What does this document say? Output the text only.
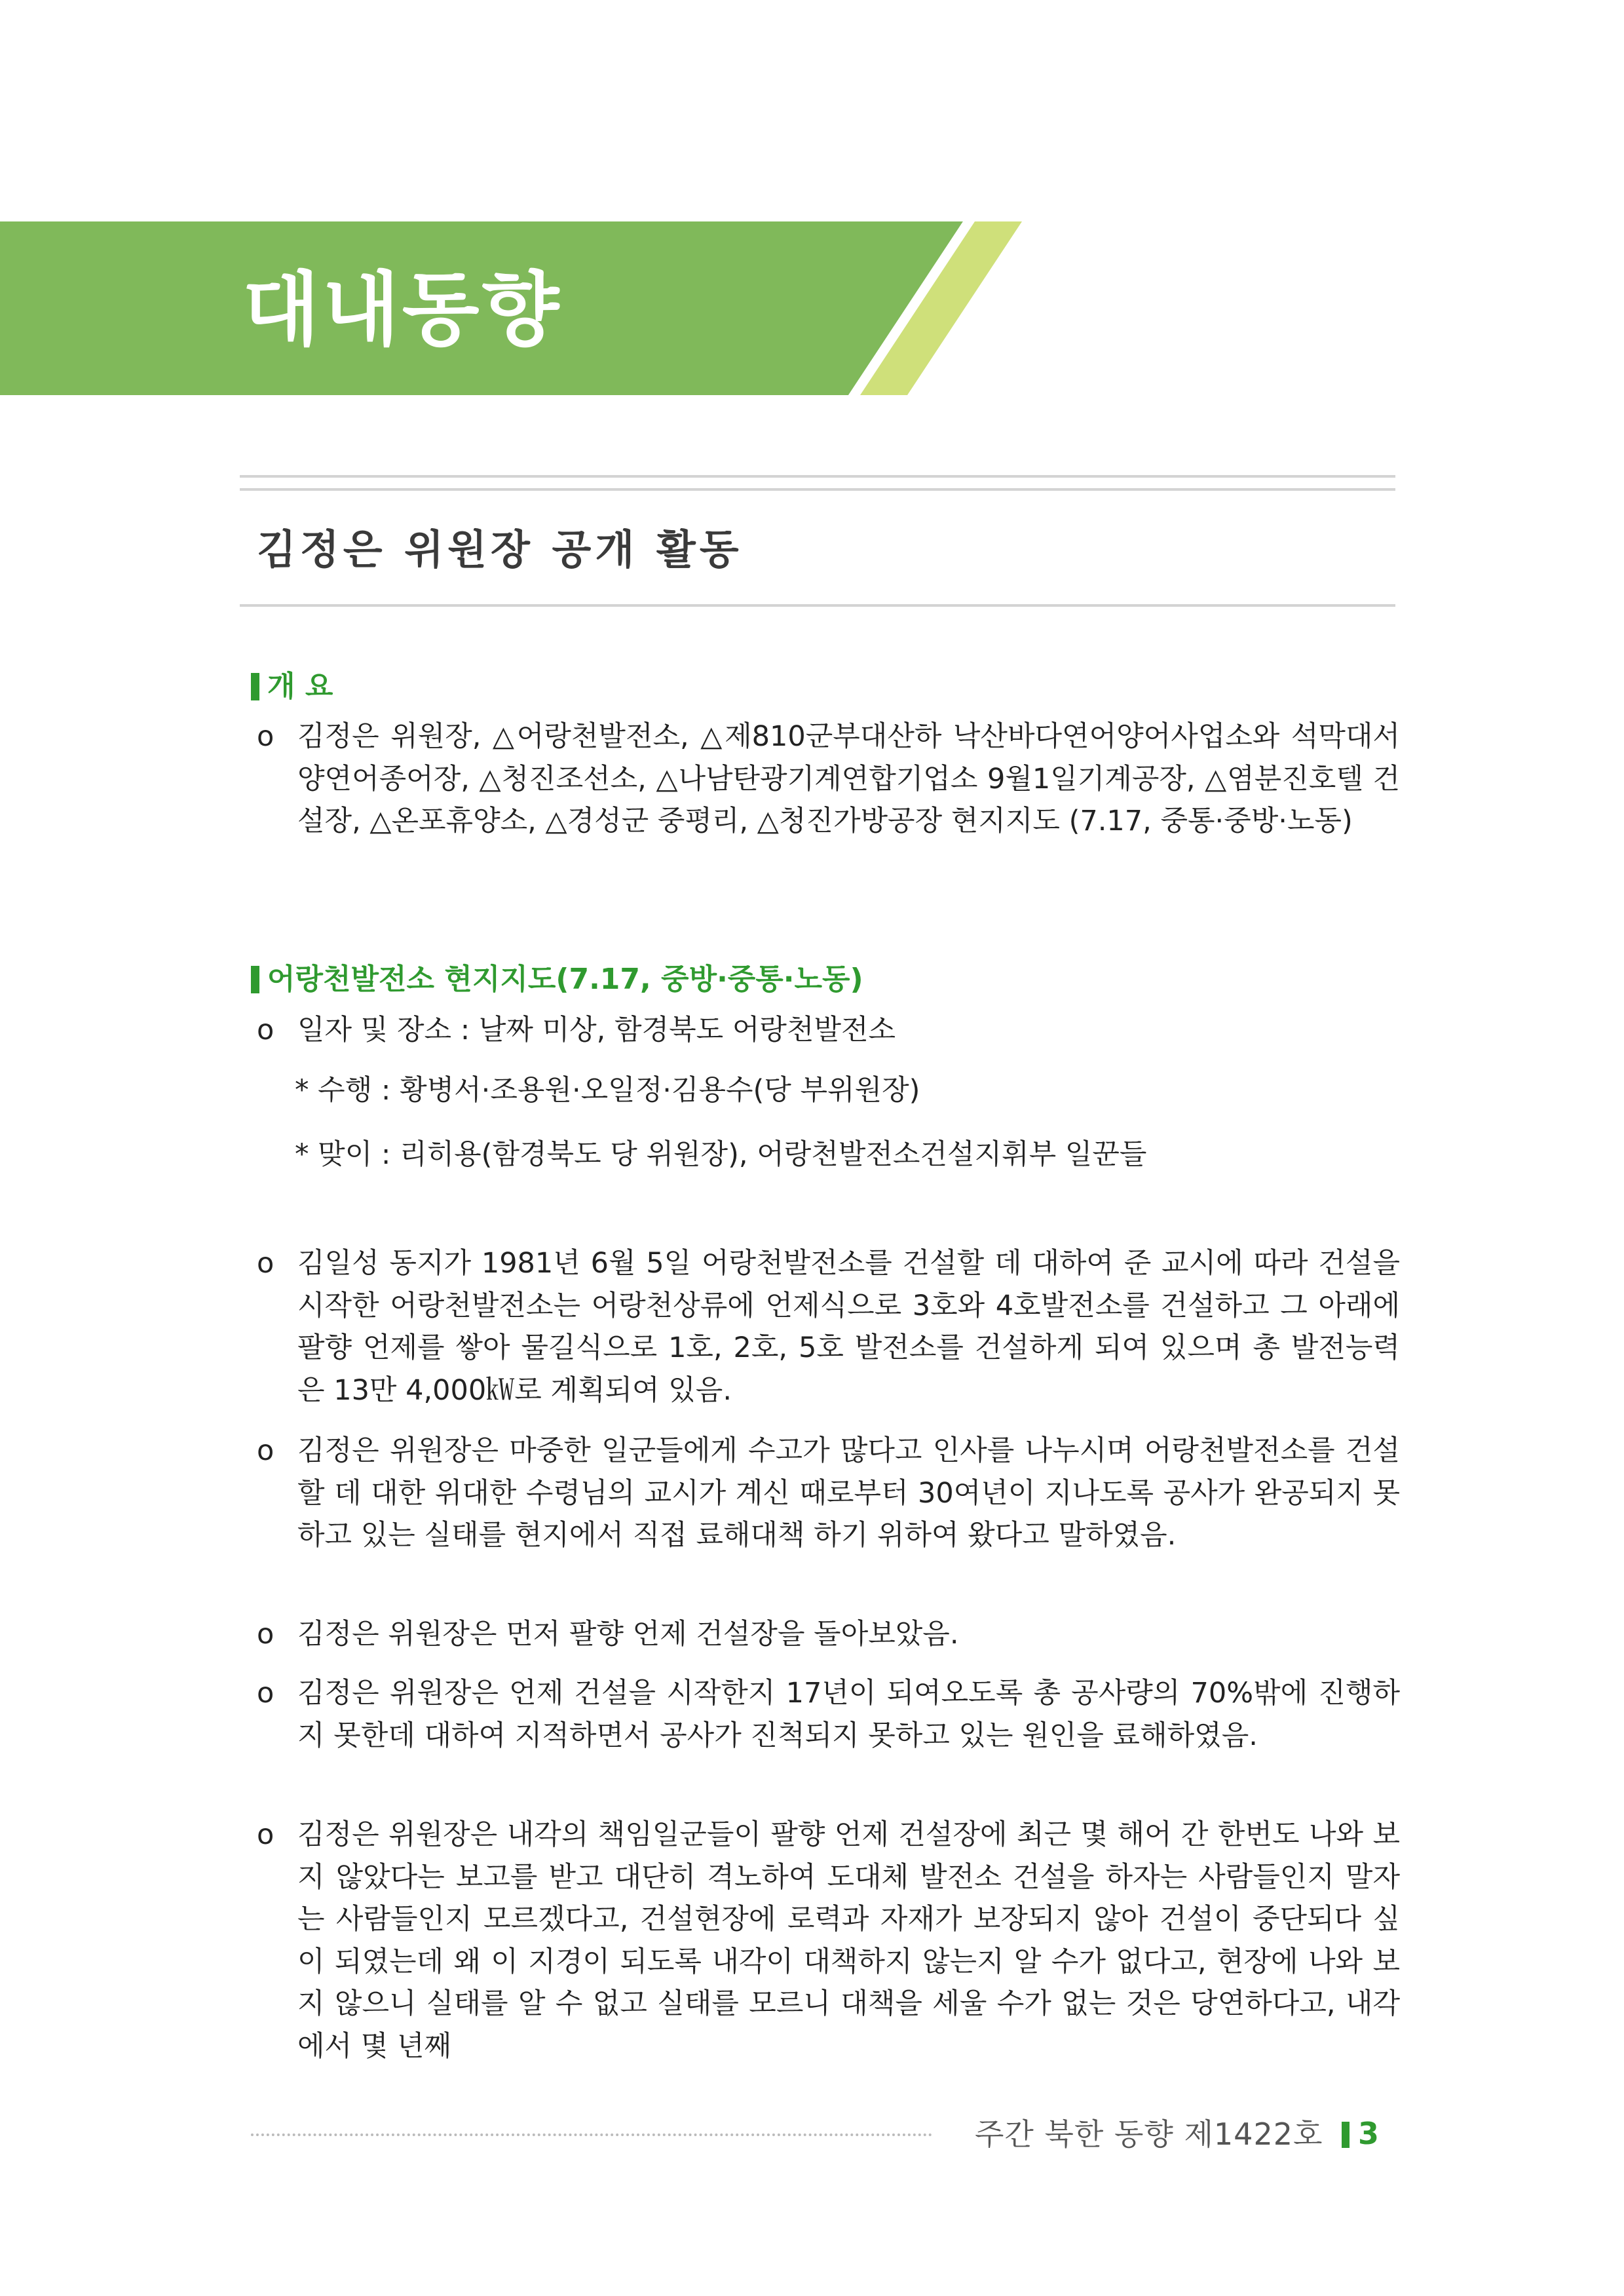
대내동향
김정은 위원장 공개 활동
개 요
o 김정은 위원장, △어랑천발전소, △제810군부대산하 낙산바다연어양어사업소와 석막대서양연어종어장, △청진조선소, △나남탄광기계연합기업소 9월1일기계공장, △염분진호텔 건설장, △온포휴양소, △경성군 중평리, △청진가방공장 현지지도 (7.17, 중통·중방·노동)
어랑천발전소 현지지도(7.17, 중방·중통·노동)
o 일자 및 장소 : 날짜 미상, 함경북도 어랑천발전소
* 수행 : 황병서·조용원·오일정·김용수(당 부위원장)
* 맞이 : 리히용(함경북도 당 위원장), 어랑천발전소건설지휘부 일꾼들
o 김일성 동지가 1981년 6월 5일 어랑천발전소를 건설할 데 대하여 준 교시에 따라 건설을 시작한 어랑천발전소는 어랑천상류에 언제식으로 3호와 4호발전소를 건설하고 그 아래에 팔향 언제를 쌓아 물길식으로 1호, 2호, 5호 발전소를 건설하게 되여 있으며 총 발전능력은 13만 4,000㎾로 계획되여 있음.
o 김정은 위원장은 마중한 일군들에게 수고가 많다고 인사를 나누시며 어랑천발전소를 건설할 데 대한 위대한 수령님의 교시가 계신 때로부터 30여년이 지나도록 공사가 완공되지 못하고 있는 실태를 현지에서 직접 료해대책 하기 위하여 왔다고 말하였음.
o 김정은 위원장은 먼저 팔향 언제 건설장을 돌아보았음.
o 김정은 위원장은 언제 건설을 시작한지 17년이 되여오도록 총 공사량의 70%밖에 진행하지 못한데 대하여 지적하면서 공사가 진척되지 못하고 있는 원인을 료해하였음.
o 김정은 위원장은 내각의 책임일군들이 팔향 언제 건설장에 최근 몇 해어 간 한번도 나와 보지 않았다는 보고를 받고 대단히 격노하여 도대체 발전소 건설을 하자는 사람들인지 말자는 사람들인지 모르겠다고, 건설현장에 로력과 자재가 보장되지 않아 건설이 중단되다 싶이 되였는데 왜 이 지경이 되도록 내각이 대책하지 않는지 알 수가 없다고, 현장에 나와 보지 않으니 실태를 알 수 없고 실태를 모르니 대책을 세울 수가 없는 것은 당연하다고, 내각에서 몇 년째
주간 북한 동향 제1422호 3
